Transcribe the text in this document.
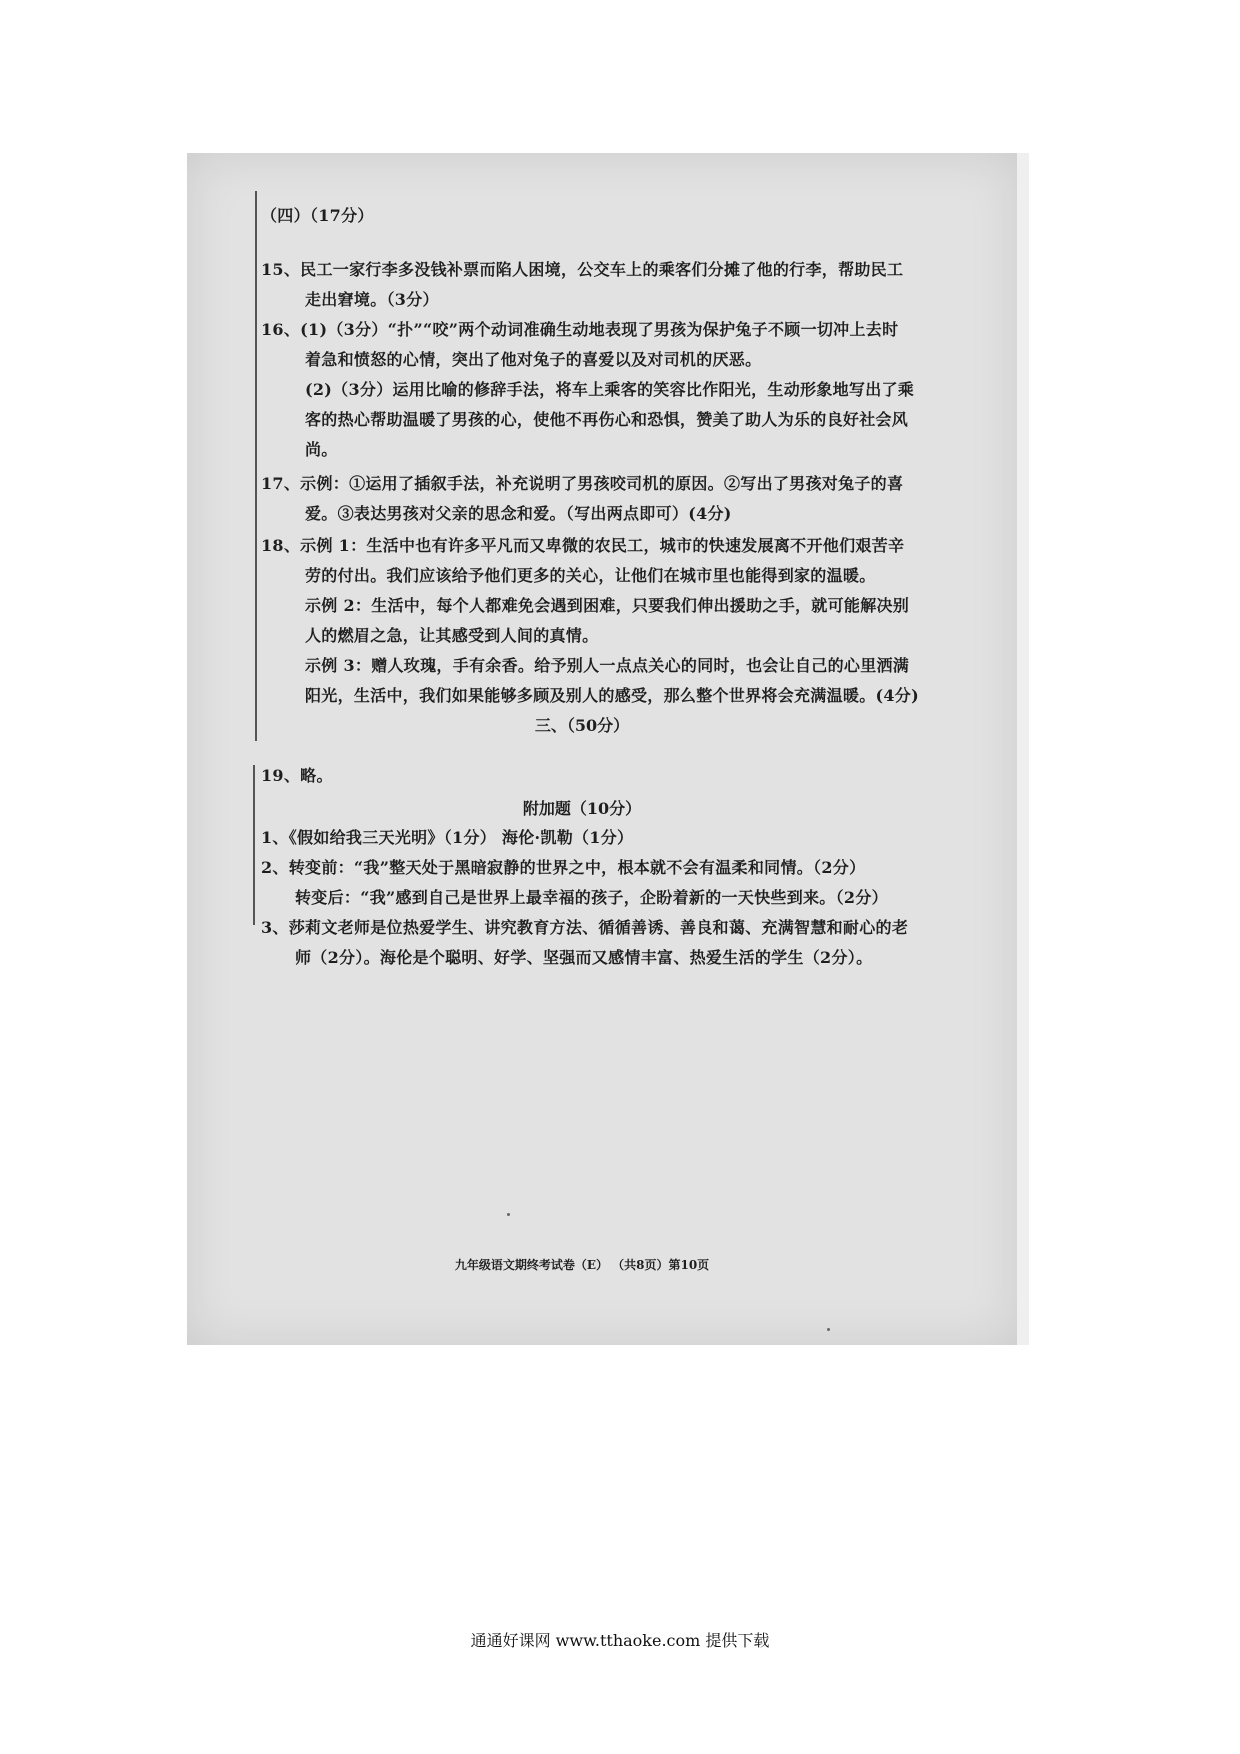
（四）（17分）
15、民工一家行李多没钱补票而陷人困境，公交车上的乘客们分摊了他的行李，帮助民工
走出窘境。（3分）
16、(1)（3分）“扑”“咬”两个动词准确生动地表现了男孩为保护兔子不顾一切冲上去时
着急和愤怒的心情，突出了他对兔子的喜爱以及对司机的厌恶。
(2)（3分）运用比喻的修辞手法，将车上乘客的笑容比作阳光，生动形象地写出了乘
客的热心帮助温暖了男孩的心，使他不再伤心和恐惧，赞美了助人为乐的良好社会风
尚。
17、示例：①运用了插叙手法，补充说明了男孩咬司机的原因。②写出了男孩对兔子的喜
爱。③表达男孩对父亲的思念和爱。（写出两点即可）(4分)
18、示例 1：生活中也有许多平凡而又卑微的农民工，城市的快速发展离不开他们艰苦辛
劳的付出。我们应该给予他们更多的关心，让他们在城市里也能得到家的温暖。
示例 2：生活中，每个人都难免会遇到困难，只要我们伸出援助之手，就可能解决别
人的燃眉之急，让其感受到人间的真情。
示例 3：赠人玫瑰，手有余香。给予别人一点点关心的同时，也会让自己的心里洒满
阳光，生活中，我们如果能够多顾及别人的感受，那么整个世界将会充满温暖。(4分)
三、（50分）
19、略。
附加题（10分）
1、《假如给我三天光明》（1分） 海伦·凯勒（1分）
2、转变前：“我”整天处于黑暗寂静的世界之中，根本就不会有温柔和同情。（2分）
转变后：“我”感到自己是世界上最幸福的孩子，企盼着新的一天快些到来。（2分）
3、莎莉文老师是位热爱学生、讲究教育方法、循循善诱、善良和蔼、充满智慧和耐心的老
师（2分）。海伦是个聪明、好学、坚强而又感情丰富、热爱生活的学生（2分）。
九年级语文期终考试卷（E） （共8页）第10页
通通好课网 www.tthaoke.com 提供下载
